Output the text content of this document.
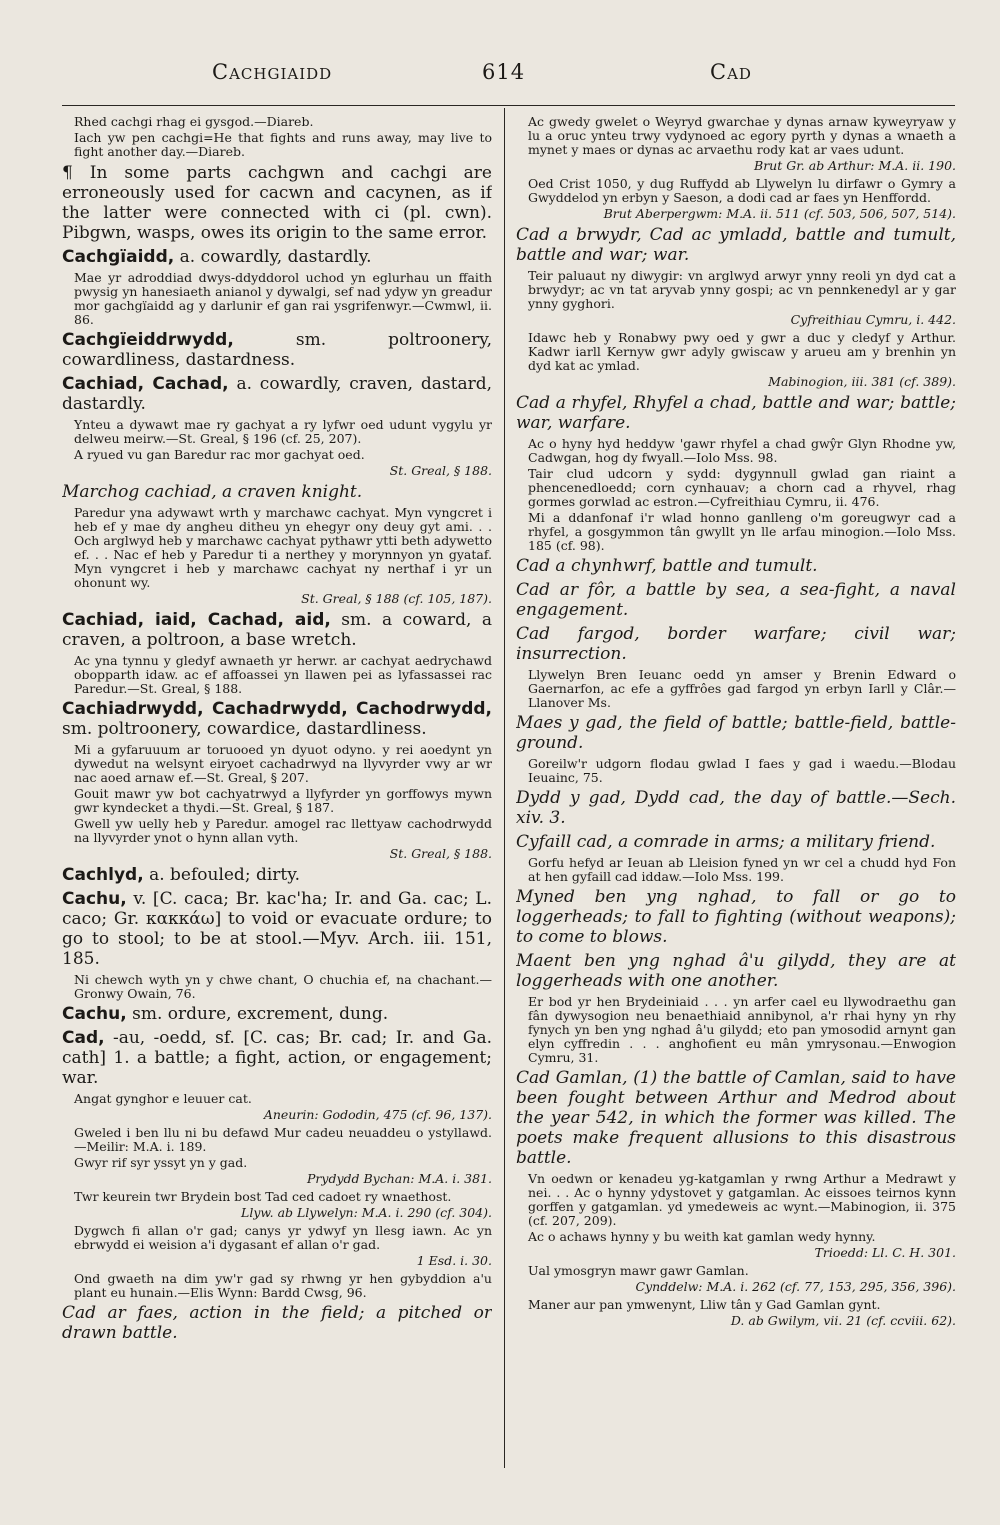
Cachgiaidd	614	Cad
Rhed cachgi rhag ei gysgod.—Diareb.
Iach yw pen cachgi=He that fights and runs away, may live to fight another day.—Diareb.
¶ In some parts cachgwn and cachgi are erroneously used for cacwn and cacynen, as if the latter were connected with ci (pl. cwn). Pibgwn, wasps, owes its origin to the same error.
Cachgïaidd, a. cowardly, dastardly.
Mae yr adroddiad dwys-ddyddorol uchod yn eglurhau un ffaith pwysig yn hanesiaeth anianol y dywalgi, sef nad ydyw yn greadur mor gachgïaidd ag y darlunir ef gan rai ysgrifenwyr.—Cwmwl, ii. 86.
Cachgïeiddrwydd,	sm. poltroonery, cowardliness, dastardness.
Cachiad, Cachad, a. cowardly, craven, dastard, dastardly.
Ynteu a dywawt mae ry gachyat a ry lyfwr oed udunt vygylu yr delweu meirw.—St. Greal, § 196 (cf. 25, 207).
A ryued vu gan Baredur rac mor gachyat oed.
St. Greal, § 188.
Marchog cachiad, a craven knight.
Paredur yna adywawt wrth y marchawc cachyat. Myn vyngcret i heb ef y mae dy angheu ditheu yn ehegyr ony deuy gyt ami. . . Och arglwyd heb y marchawc cachyat pythawr ytti beth adywetto ef. . . Nac ef heb y Paredur ti a nerthey y morynnyon yn gyataf. Myn vyngcret i heb y marchawc cachyat ny nerthaf i yr un ohonunt wy.
St. Greal, § 188 (cf. 105, 187).
Cachiad, iaid, Cachad, aid, sm. a coward, a craven, a poltroon, a base wretch.
Ac yna tynnu y gledyf awnaeth yr herwr. ar cachyat aedrychawd obopparth idaw. ac ef affoassei yn llawen pei as lyfassassei rac Paredur.—St. Greal, § 188.
Cachiadrwydd, Cachadrwydd, Cachodrwydd, sm. poltroonery, cowardice, dastardliness.
Mi a gyfaruuum ar toruooed yn dyuot odyno. y rei aoedynt yn dywedut na welsynt eiryoet cachadrwyd na llyvyrder vwy ar wr nac aoed arnaw ef.—St. Greal, § 207.
Gouit mawr yw bot cachyatrwyd a llyfyrder yn gorffowys mywn gwr kyndecket a thydi.—St. Greal, § 187.
Gwell yw uelly heb y Paredur. amogel rac llettyaw cachodrwydd na llyvyrder ynot o hynn allan vyth.
St. Greal, § 188.
Cachlyd, a. befouled; dirty.
Cachu, v. [C. caca; Br. kac'ha; Ir. and Ga. cac; L. caco; Gr. κακκάω] to void or evacuate ordure; to go to stool; to be at stool.—Myv. Arch. iii. 151, 185.
Ni chewch wyth yn y chwe chant, O chuchia ef, na chachant.—Gronwy Owain, 76.
Cachu, sm. ordure, excrement, dung.
Cad, -au, -oedd, sf. [C. cas; Br. cad; Ir. and Ga. cath] 1. a battle; a fight, action, or engagement; war.
Angat gynghor e leuuer cat.
Aneurin: Gododin, 475 (cf. 96, 137).
Gweled i ben llu ni bu defawd Mur cadeu neuaddeu o ystyllawd.—Meilir: M.A. i. 189.
Gwyr rif syr yssyt yn y gad.
Prydydd Bychan: M.A. i. 381.
Twr keurein twr Brydein bost Tad ced cadoet ry wnaethost.
Llyw. ab Llywelyn: M.A. i. 290 (cf. 304).
Dygwch fi allan o'r gad; canys yr ydwyf yn llesg iawn. Ac yn ebrwydd ei weision a'i dygasant ef allan o'r gad.
1 Esd. i. 30.
Ond gwaeth na dim yw'r gad sy rhwng yr hen gybyddion a'u plant eu hunain.—Elis Wynn: Bardd Cwsg, 96.
Cad ar faes, action in the field; a pitched or drawn battle.
Ac gwedy gwelet o Weyryd gwarchae y dynas arnaw kyweyryaw y lu a oruc ynteu trwy vydynoed ac egory pyrth y dynas a wnaeth a mynet y maes or dynas ac arvaethu rody kat ar vaes udunt.
Brut Gr. ab Arthur: M.A. ii. 190.
Oed Crist 1050, y dug Ruffydd ab Llywelyn lu dirfawr o Gymry a Gwyddelod yn erbyn y Saeson, a dodi cad ar faes yn Henffordd.
Brut Aberpergwm: M.A. ii. 511 (cf. 503, 506, 507, 514).
Cad a brwydr, Cad ac ymladd, battle and tumult, battle and war; war.
Teir paluaut ny diwygir: vn arglwyd arwyr ynny reoli yn dyd cat a brwydyr; ac vn tat aryvab ynny gospi; ac vn pennkenedyl ar y gar ynny gyghori.
Cyfreithiau Cymru, i. 442.
Idawc heb y Ronabwy pwy oed y gwr a duc y cledyf y Arthur. Kadwr iarll Kernyw gwr adyly gwiscaw y arueu am y brenhin yn dyd kat ac ymlad.
Mabinogion, iii. 381 (cf. 389).
Cad a rhyfel, Rhyfel a chad, battle and war; battle; war, warfare.
Ac o hyny hyd heddyw 'gawr rhyfel a chad gwŷr Glyn Rhodne yw, Cadwgan, hog dy fwyall.—Iolo Mss. 98.
Tair clud udcorn y sydd: dygynnull gwlad gan riaint a phencenedloedd; corn cynhauav; a chorn cad a rhyvel, rhag gormes gorwlad ac estron.—Cyfreithiau Cymru, ii. 476.
Mi a ddanfonaf i'r wlad honno ganlleng o'm goreugwyr cad a rhyfel, a gosgymmon tân gwyllt yn lle arfau minogion.—Iolo Mss. 185 (cf. 98).
Cad a chynhwrf, battle and tumult.
Cad ar fôr, a battle by sea, a sea-fight, a naval engagement.
Cad fargod, border warfare; civil war; insurrection.
Llywelyn Bren Ieuanc oedd yn amser y Brenin Edward o Gaernarfon, ac efe a gyffrôes gad fargod yn erbyn Iarll y Clâr.—Llanover Ms.
Maes y gad, the field of battle; battle-field, battle-ground.
Goreilw'r udgorn flodau gwlad I faes y gad i waedu.—Blodau Ieuainc, 75.
Dydd y gad, Dydd cad, the day of battle.—Sech. xiv. 3.
Cyfaill cad, a comrade in arms; a military friend.
Gorfu hefyd ar Ieuan ab Lleision fyned yn wr cel a chudd hyd Fon at hen gyfaill cad iddaw.—Iolo Mss. 199.
Myned ben yng nghad, to fall or go to loggerheads; to fall to fighting (without weapons); to come to blows.
Maent ben yng nghad â'u gilydd, they are at loggerheads with one another.
Er bod yr hen Brydeiniaid . . . yn arfer cael eu llywodraethu gan fân dywysogion neu benaethiaid annibynol, a'r rhai hyny yn rhy fynych yn ben yng nghad â'u gilydd; eto pan ymosodid arnynt gan elyn cyffredin . . . anghofient eu mân ymrysonau.—Enwogion Cymru, 31.
Cad Gamlan, (1) the battle of Camlan, said to have been fought between Arthur and Medrod about the year 542, in which the former was killed. The poets make frequent allusions to this disastrous battle.
Vn oedwn or kenadeu yg-katgamlan y rwng Arthur a Medrawt y nei. . . Ac o hynny ydystovet y gatgamlan. Ac eissoes teirnos kynn gorffen y gatgamlan. yd ymedeweis ac wynt.—Mabinogion, ii. 375 (cf. 207, 209).
Ac o achaws hynny y bu weith kat gamlan wedy hynny.
Trioedd: Ll. C. H. 301.
Ual ymosgryn mawr gawr Gamlan.
Cynddelw: M.A. i. 262 (cf. 77, 153, 295, 356, 396).
Maner aur pan ymwenynt, Lliw tân y Gad Gamlan gynt.
D. ab Gwilym, vii. 21 (cf. ccviii. 62).
